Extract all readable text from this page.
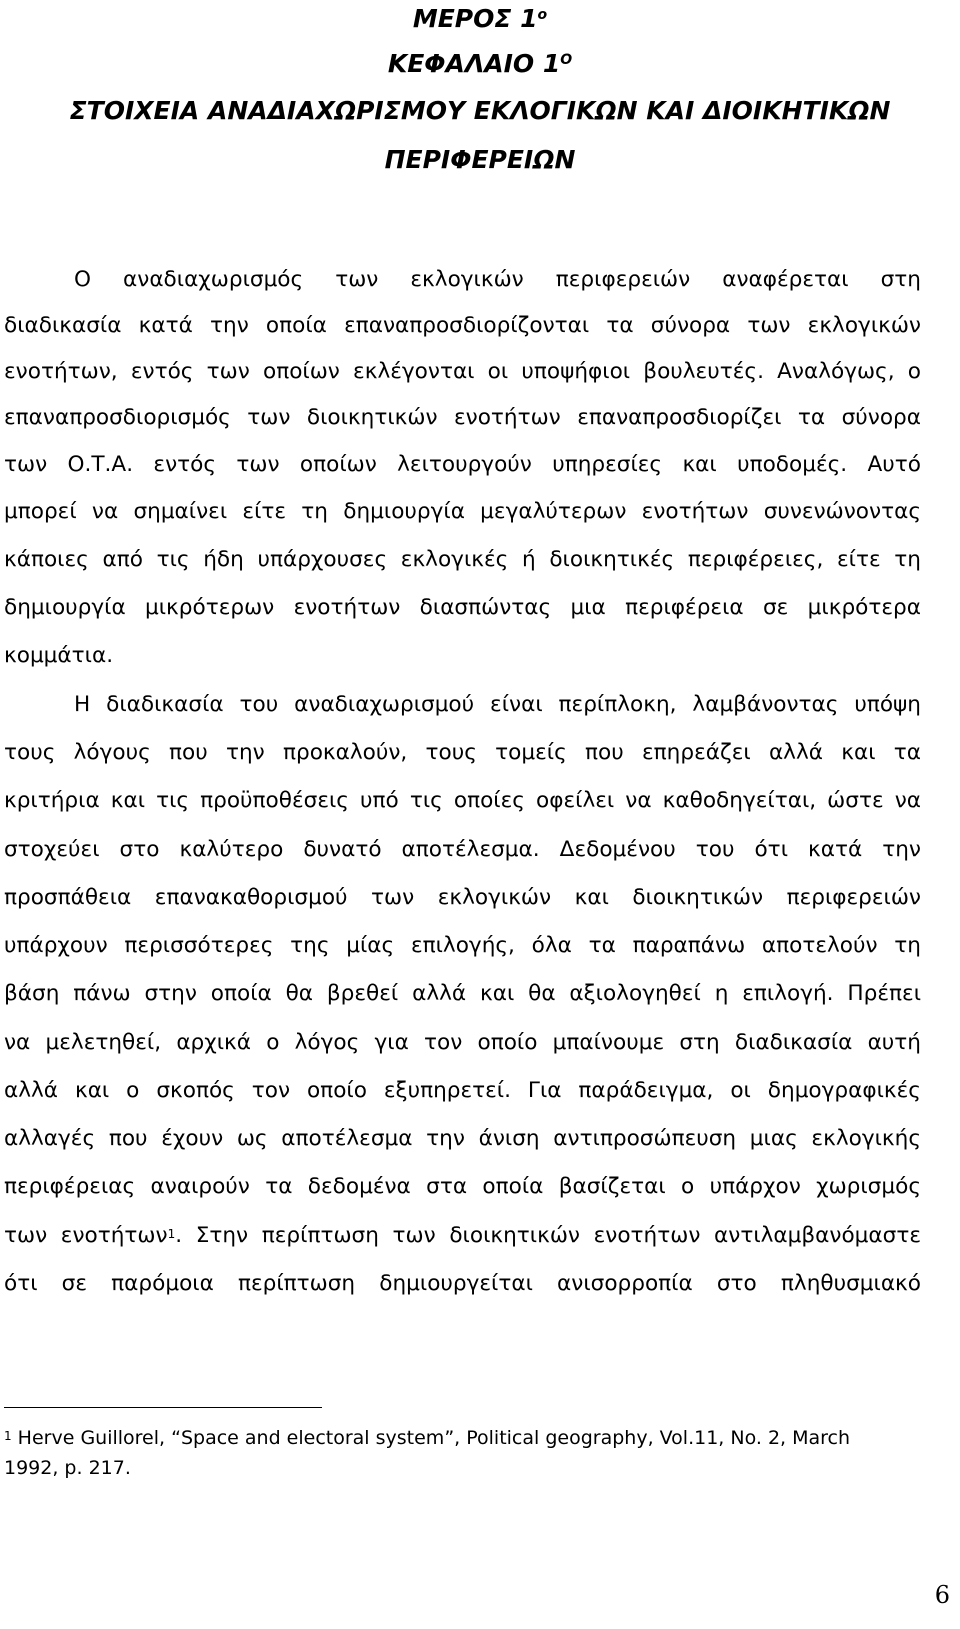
ΜΕΡΟΣ $1^o$

ΚΕΦΑΛΑΙΟ $1^O$

ΣΤΟΙΧΕΙΑ ΑΝΑΔΙΑΧΩΡΙΣΜΟΥ ΕΚΛΟΓΙΚΩΝ ΚΑΙ ΔΙΟΙΚΗΤΙΚΩΝ

ΠΕΡΙΦΕΡΕΙΩΝ

Ο αναδιαχωρισμός των εκλογικών περιφερειών αναφέρεται στη

διαδικασία κατά την οποία επαναπροσδιορίζονται τα σύνορα των εκλογικών

ενοτήτων, εντός των οποίων εκλέγονται οι υποψήφιοι βουλευτές. Αναλόγως, ο

επαναπροσδιορισμός των διοικητικών ενοτήτων επαναπροσδιορίζει τα σύνορα

των Ο.Τ.Α. εντός των οποίων λειτουργούν υπηρεσίες και υποδομές. Αυτό

μπορεί να σημαίνει είτε τη δημιουργία μεγαλύτερων ενοτήτων συνενώνοντας

κάποιες από τις ήδη υπάρχουσες εκλογικές ή διοικητικές περιφέρειες, είτε τη

δημιουργία μικρότερων ενοτήτων διασπώντας μια περιφέρεια σε μικρότερα

κομμάτια.

Η διαδικασία του αναδιαχωρισμού είναι περίπλοκη, λαμβάνοντας υπόψη

τους λόγους που την προκαλούν, τους τομείς που επηρεάζει αλλά και τα

κριτήρια και τις προϋποθέσεις υπό τις οποίες οφείλει να καθοδηγείται, ώστε να

στοχεύει στο καλύτερο δυνατό αποτέλεσμα. Δεδομένου του ότι κατά την

προσπάθεια επανακαθορισμού των εκλογικών και διοικητικών περιφερειών

υπάρχουν περισσότερες της μίας επιλογής, όλα τα παραπάνω αποτελούν τη

βάση πάνω στην οποία θα βρεθεί αλλά και θα αξιολογηθεί η επιλογή. Πρέπει

να μελετηθεί, αρχικά ο λόγος για τον οποίο μπαίνουμε στη διαδικασία αυτή

αλλά και ο σκοπός τον οποίο εξυπηρετεί. Για παράδειγμα, οι δημογραφικές

αλλαγές που έχουν ως αποτέλεσμα την άνιση αντιπροσώπευση μιας εκλογικής

περιφέρειας αναιρούν τα δεδομένα στα οποία βασίζεται ο υπάρχον χωρισμός

των ενοτήτων$^1$. Στην περίπτωση των διοικητικών ενοτήτων αντιλαμβανόμαστε

ότι σε παρόμοια περίπτωση δημιουργείται ανισορροπία στο πληθυσμιακό

$^1$ Herve Guillorel, “Space and electoral system”, Political geography, Vol.11, No. 2, March

1992, p. 217.

6
